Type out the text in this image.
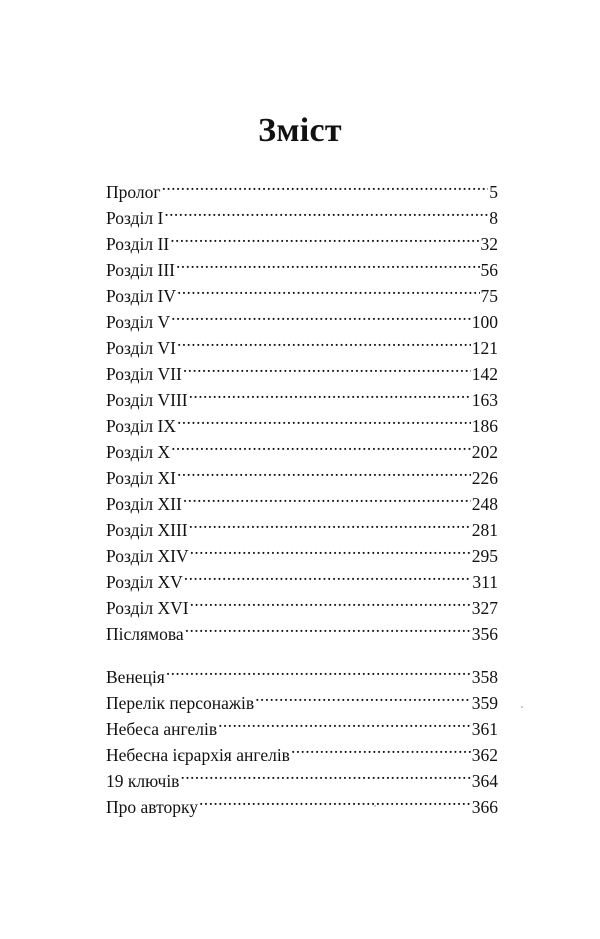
Зміст
Пролог .....	5
Розділ I .....	8
Розділ II .....	32
Розділ III .....	56
Розділ IV .....	75
Розділ V .....	100
Розділ VI .....	121
Розділ VII .....	142
Розділ VIII .....	163
Розділ IX .....	186
Розділ X .....	202
Розділ XI .....	226
Розділ XII .....	248
Розділ XIII .....	281
Розділ XIV .....	295
Розділ XV .....	311
Розділ XVI .....	327
Післямова .....	356
Венеція .....	358
Перелік персонажів .....	359
Небеса ангелів .....	361
Небесна ієрархія ангелів .....	362
19 ключів .....	364
Про авторку .....	366
